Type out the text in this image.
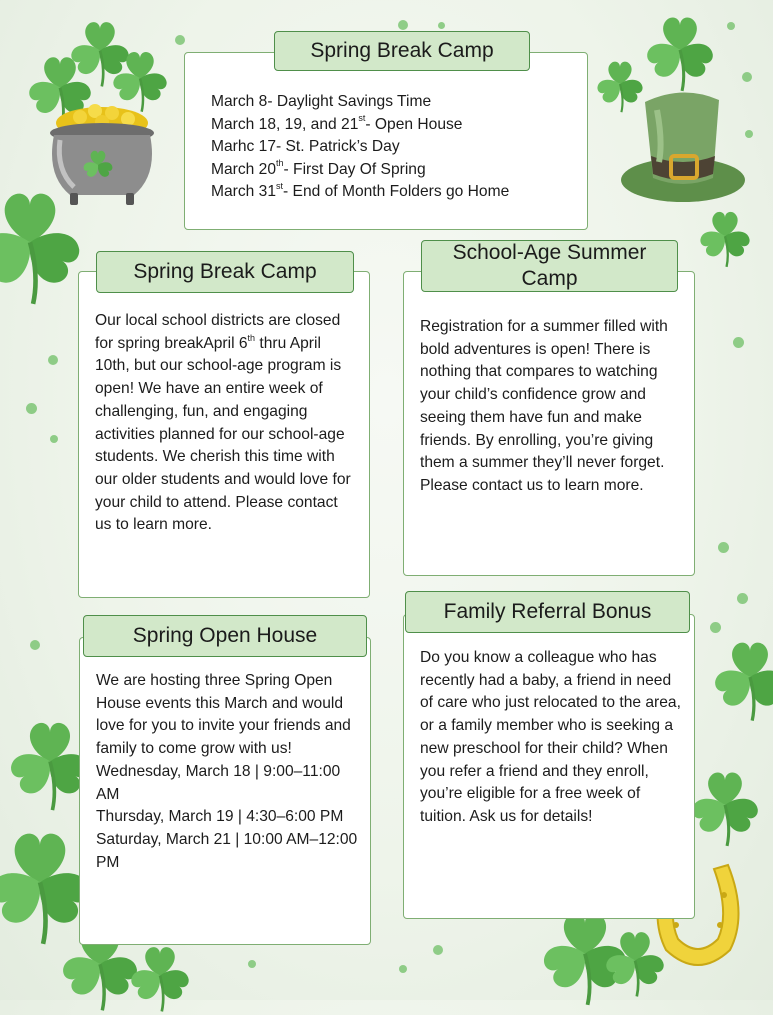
March 8- Daylight Savings Time
March 18, 19, and 21st- Open House
Marhc 17- St. Patrick’s Day
March 20th- First Day Of Spring
March 31st- End of Month Folders go Home
Spring Break Camp
Our local school districts are closed for spring breakApril 6th thru April 10th, but our school-age program is open! We have an entire week of challenging, fun, and engaging activities planned for our school-age students. We cherish this time with our older students and would love for your child to attend. Please contact us to learn more.
Spring Break Camp
Registration for a summer filled with bold adventures is open! There is nothing that compares to watching your child’s confidence grow and seeing them have fun and make friends. By enrolling, you’re giving them a summer they’ll never forget. Please contact us to learn more.
School-Age Summer Camp
We are hosting three Spring Open House events this March and would love for you to invite your friends and family to come grow with us!
Wednesday, March 18 | 9:00–11:00 AM
Thursday, March 19 | 4:30–6:00 PM
Saturday, March 21 | 10:00 AM–12:00 PM
Spring Open House
Do you know a colleague who has recently had a baby, a friend in need of care who just relocated to the area, or a family member who is seeking a new preschool for their child? When you refer a friend and they enroll, you’re eligible for a free week of tuition. Ask us for details!
Family Referral Bonus
